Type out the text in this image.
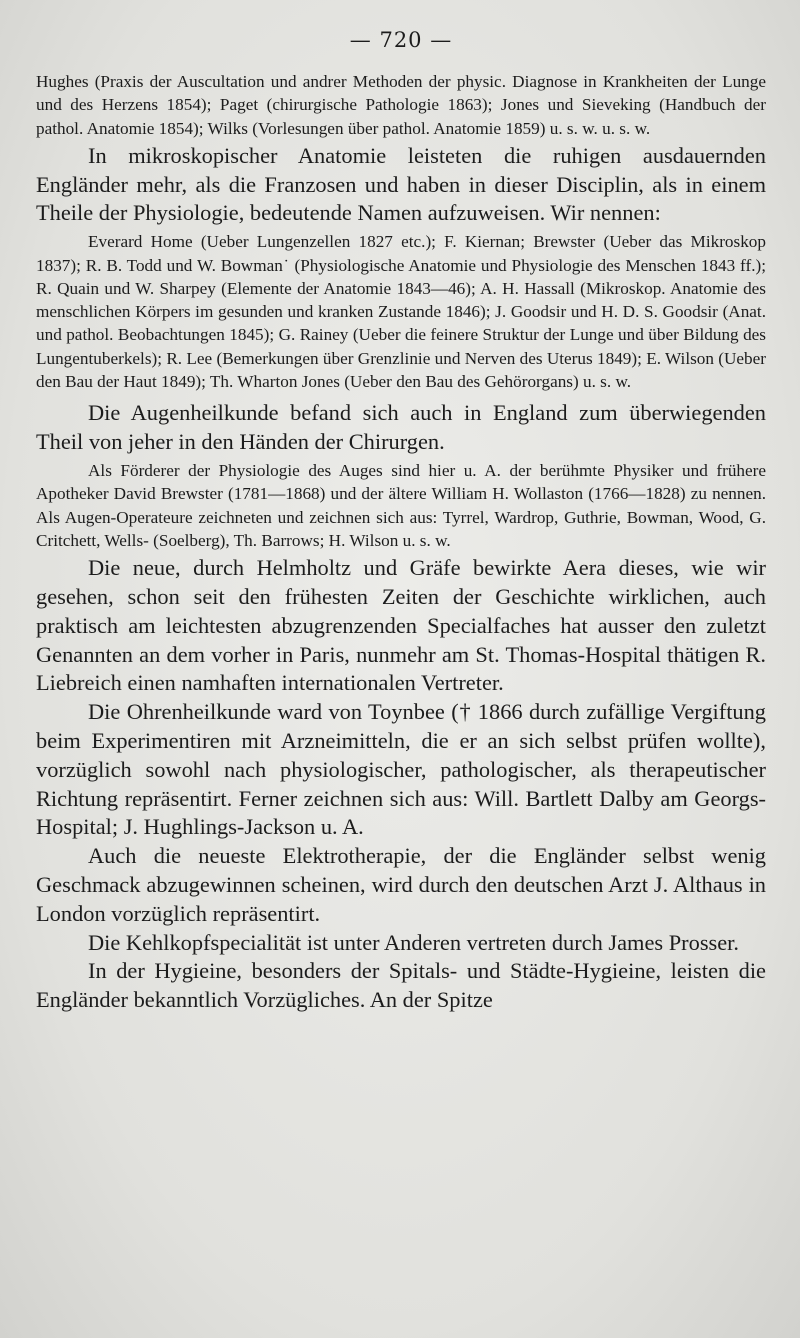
— 720 —

Hughes (Praxis der Auscultation und andrer Methoden der physic. Diagnose in Krankheiten der Lunge und des Herzens 1854); Paget (chirurgische Pathologie 1863); Jones und Sieveking (Handbuch der pathol. Anatomie 1854); Wilks (Vorlesungen über pathol. Anatomie 1859) u. s. w. u. s. w.

In mikroskopischer Anatomie leisteten die ruhigen ausdauernden Engländer mehr, als die Franzosen und haben in dieser Disciplin, als in einem Theile der Physiologie, bedeutende Namen aufzuweisen. Wir nennen:

Everard Home (Ueber Lungenzellen 1827 etc.); F. Kiernan; Brewster (Ueber das Mikroskop 1837); R. B. Todd und W. Bowman˙ (Physiologische Anatomie und Physiologie des Menschen 1843 ff.); R. Quain und W. Sharpey (Elemente der Anatomie 1843—46); A. H. Hassall (Mikroskop. Anatomie des menschlichen Körpers im gesunden und kranken Zustande 1846); J. Goodsir und H. D. S. Goodsir (Anat. und pathol. Beobachtungen 1845); G. Rainey (Ueber die feinere Struktur der Lunge und über Bildung des Lungentuberkels); R. Lee (Bemerkungen über Grenzlinie und Nerven des Uterus 1849); E. Wilson (Ueber den Bau der Haut 1849); Th. Wharton Jones (Ueber den Bau des Gehörorgans) u. s. w.

Die Augenheilkunde befand sich auch in England zum überwiegenden Theil von jeher in den Händen der Chirurgen.

Als Förderer der Physiologie des Auges sind hier u. A. der berühmte Physiker und frühere Apotheker David Brewster (1781—1868) und der ältere William H. Wollaston (1766—1828) zu nennen. Als Augen-Operateure zeichneten und zeichnen sich aus: Tyrrel, Wardrop, Guthrie, Bowman, Wood, G. Critchett, Wells- (Soelberg), Th. Barrows; H. Wilson u. s. w.

Die neue, durch Helmholtz und Gräfe bewirkte Aera dieses, wie wir gesehen, schon seit den frühesten Zeiten der Geschichte wirklichen, auch praktisch am leichtesten abzugrenzenden Specialfaches hat ausser den zuletzt Genannten an dem vorher in Paris, nunmehr am St. Thomas-Hospital thätigen R. Liebreich einen namhaften internationalen Vertreter.

Die Ohrenheilkunde ward von Toynbee († 1866 durch zufällige Vergiftung beim Experimentiren mit Arzneimitteln, die er an sich selbst prüfen wollte), vorzüglich sowohl nach physiologischer, pathologischer, als therapeutischer Richtung repräsentirt. Ferner zeichnen sich aus: Will. Bartlett Dalby am Georgs-Hospital; J. Hughlings-Jackson u. A.

Auch die neueste Elektrotherapie, der die Engländer selbst wenig Geschmack abzugewinnen scheinen, wird durch den deutschen Arzt J. Althaus in London vorzüglich repräsentirt.

Die Kehlkopfspecialität ist unter Anderen vertreten durch James Prosser.

In der Hygieine, besonders der Spitals- und Städte-Hygieine, leisten die Engländer bekanntlich Vorzügliches. An der Spitze
